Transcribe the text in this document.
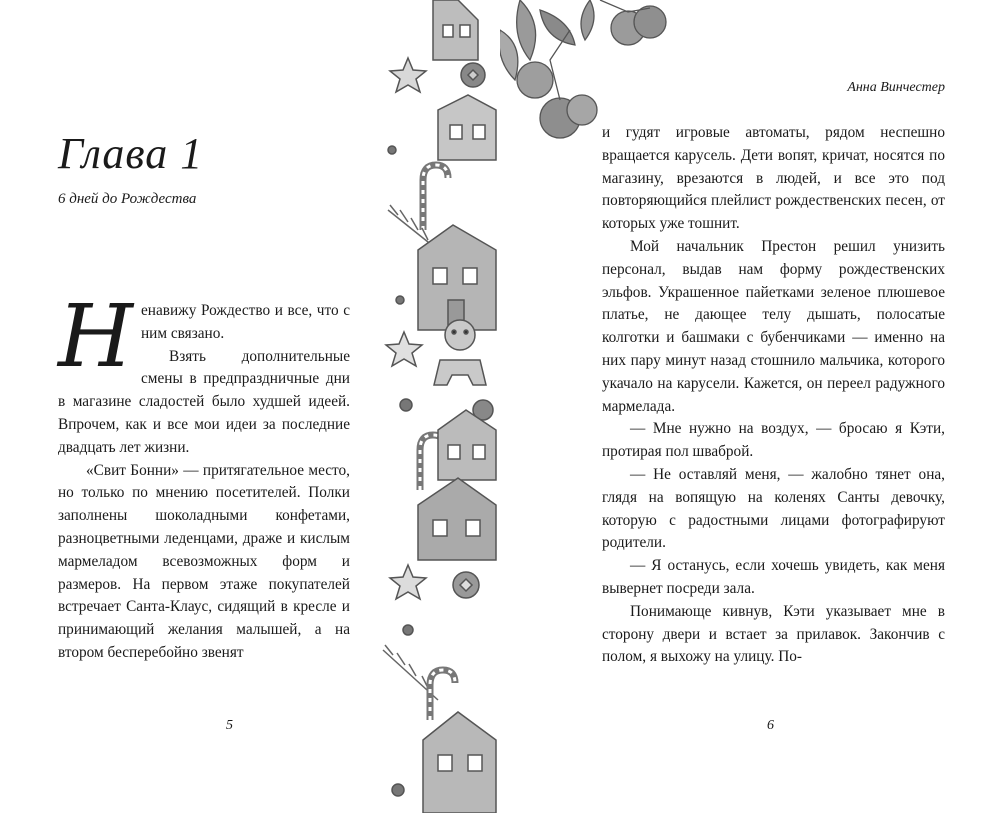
Глава 1
6 дней до Рождества

Ненавижу Рождество и все, что с ним связано.

Взять дополнительные смены в предпраздничные дни в магазине сладостей было худшей идеей. Впрочем, как и все мои идеи за последние двадцать лет жизни.

«Свит Бонни» — притягательное место, но только по мнению посетителей. Полки заполнены шоколадными конфетами, разноцветными леденцами, драже и кислым мармеладом всевозможных форм и размеров. На первом этаже покупателей встречает Санта-Клаус, сидящий в кресле и принимающий желания малышей, а на втором бесперебойно звенят

5
Анна Винчестер

и гудят игровые автоматы, рядом неспешно вращается карусель. Дети вопят, кричат, носятся по магазину, врезаются в людей, и все это под повторяющийся плейлист рождественских песен, от которых уже тошнит.

Мой начальник Престон решил унизить персонал, выдав нам форму рождественских эльфов. Украшенное пайетками зеленое плюшевое платье, не дающее телу дышать, полосатые колготки и башмаки с бубенчиками — именно на них пару минут назад стошнило мальчика, которого укачало на карусели. Кажется, он переел радужного мармелада.

— Мне нужно на воздух, — бросаю я Кэти, протирая пол шваброй.

— Не оставляй меня, — жалобно тянет она, глядя на вопящую на коленях Санты девочку, которую с радостными лицами фотографируют родители.

— Я останусь, если хочешь увидеть, как меня вывернет посреди зала.

Понимающе кивнув, Кэти указывает мне в сторону двери и встает за прилавок. Закончив с полом, я выхожу на улицу. По-

6
